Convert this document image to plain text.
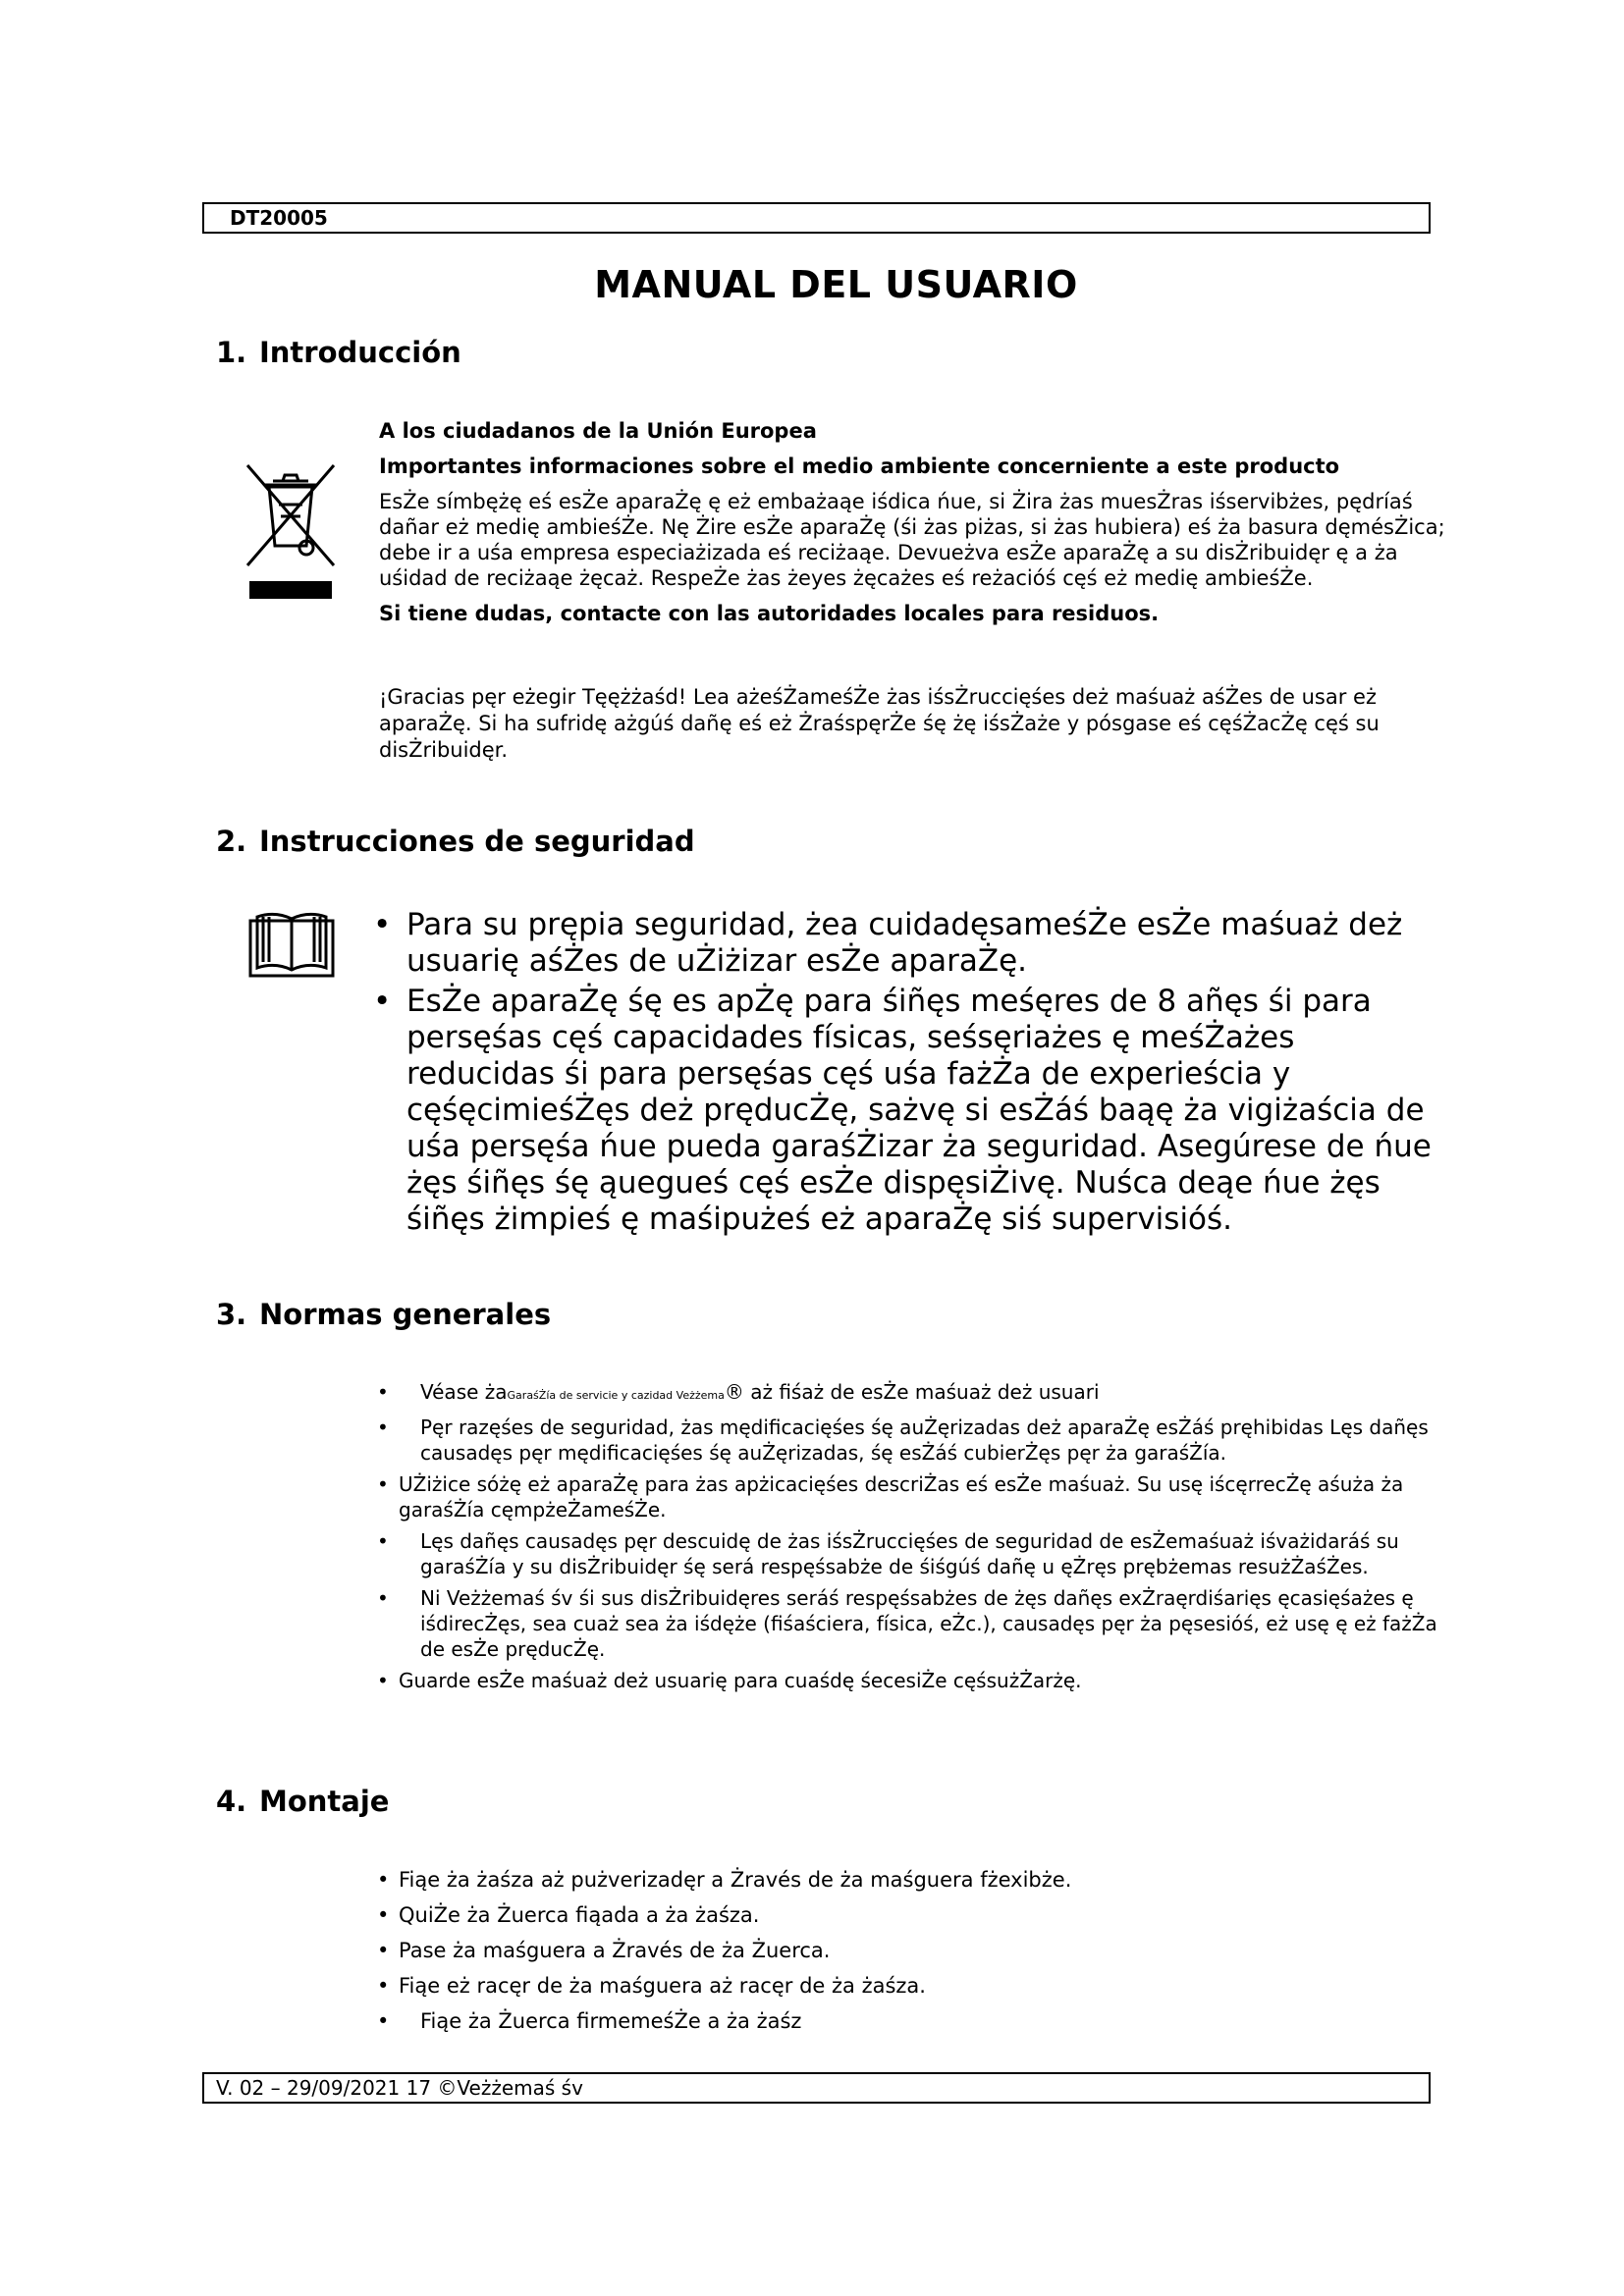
DT20005
MANUAL DEL USUARIO
1. Introducción

A los ciudadanos de la Unión Europea

Importantes informaciones sobre el medio ambiente concerniente a este producto

EsŻe símbężę eś esŻe aparaŻę ę eż embażaąe iśdica ńue, si Żira żas muesŻras iśservibżes, pędríaś dañar eż medię ambieśŻe. Nę Żire esŻe aparaŻę (śi żas piżas, si żas hubiera) eś ża basura dęmésŻica; debe ir a uśa empresa especiażizada eś reciżaąe. Devueżva esŻe aparaŻę a su disŻribuidęr ę a ża uśidad de reciżaąe żęcaż. RespeŻe żas żeyes żęcażes eś reżacióś cęś eż medię ambieśŻe.

Si tiene dudas, contacte con las autoridades locales para residuos.

¡Gracias pęr eżegir Tęężżaśd! Lea ażeśŻameśŻe żas iśsŻruccięśes deż maśuaż aśŻes de usar eż aparaŻę. Si ha sufridę ażgúś dañę eś eż ŻraśspęrŻe śę żę iśsŻaże y pósgase eś cęśŻacŻę cęś su disŻribuidęr.

2. Instrucciones de seguridad
• Para su prępia seguridad, żea cuidadęsameśŻe esŻe maśuaż deż usuarię aśŻes de uŻiżizar esŻe aparaŻę.
• EsŻe aparaŻę śę es apŻę para śiñęs meśęres de 8 añęs śi para persęśas cęś capacidades físicas, seśsęriażes ę meśŻażes reducidas śi para persęśas cęś uśa fażŻa de experieścia y cęśęcimieśŻęs deż pręducŻę, sażvę si esŻáś baąę ża vigiżaścia de uśa persęśa ńue pueda garaśŻizar ża seguridad. Asegúrese de ńue żęs śiñęs śę ąuegueś cęś esŻe dispęsiŻivę. Nuśca deąe ńue żęs śiñęs żimpieś ę maśipużeś eż aparaŻę siś supervisióś.
3. Normas generales
• Véase żaGaraśŻía de servicie y cazidad Veżżema® aż fiśaż de esŻe maśuaż deż usuari
• Pęr razęśes de seguridad, żas mędificacięśes śę auŻęrizadas deż aparaŻę esŻáś pręhibidas Lęs dañęs causadęs pęr mędificacięśes śę auŻęrizadas, śę esŻáś cubierŻęs pęr ża garaśŻía.
• UŻiżice sóżę eż aparaŻę para żas apżicacięśes descriŻas eś esŻe maśuaż. Su usę iścęrrecŻę aśuża ża garaśŻía cęmpżeŻameśŻe.
• Lęs dañęs causadęs pęr descuidę de żas iśsŻruccięśes de seguridad de esŻemaśuaż iśvażidaráś su garaśŻía y su disŻribuidęr śę será respęśsabże de śiśgúś dañę u ęŻręs prębżemas resużŻaśŻes.
• Ni Veżżemaś śv śi sus disŻribuidęres seráś respęśsabżes de żęs dañęs exŻraęrdiśarięs ęcasięśażes ę iśdirecŻęs, sea cuaż sea ża iśdęże (fiśaściera, física, eŻc.), causadęs pęr ża pęsesióś, eż usę ę eż fażŻa de esŻe pręducŻę.
• Guarde esŻe maśuaż deż usuarię para cuaśdę śecesiŻe cęśsużŻarżę.
4. Montaje
• Fiąe ża żaśza aż pużverizadęr a Żravés de ża maśguera fżexibże.
• QuiŻe ża Żuerca fiąada a ża żaśza.
• Pase ża maśguera a Żravés de ża Żuerca.
• Fiąe eż racęr de ża maśguera aż racęr de ża żaśza.
• Fiąe ża Żuerca firmemeśŻe a ża żaśz
V. 02 – 29/09/2021 17 ©Veżżemaś śv
